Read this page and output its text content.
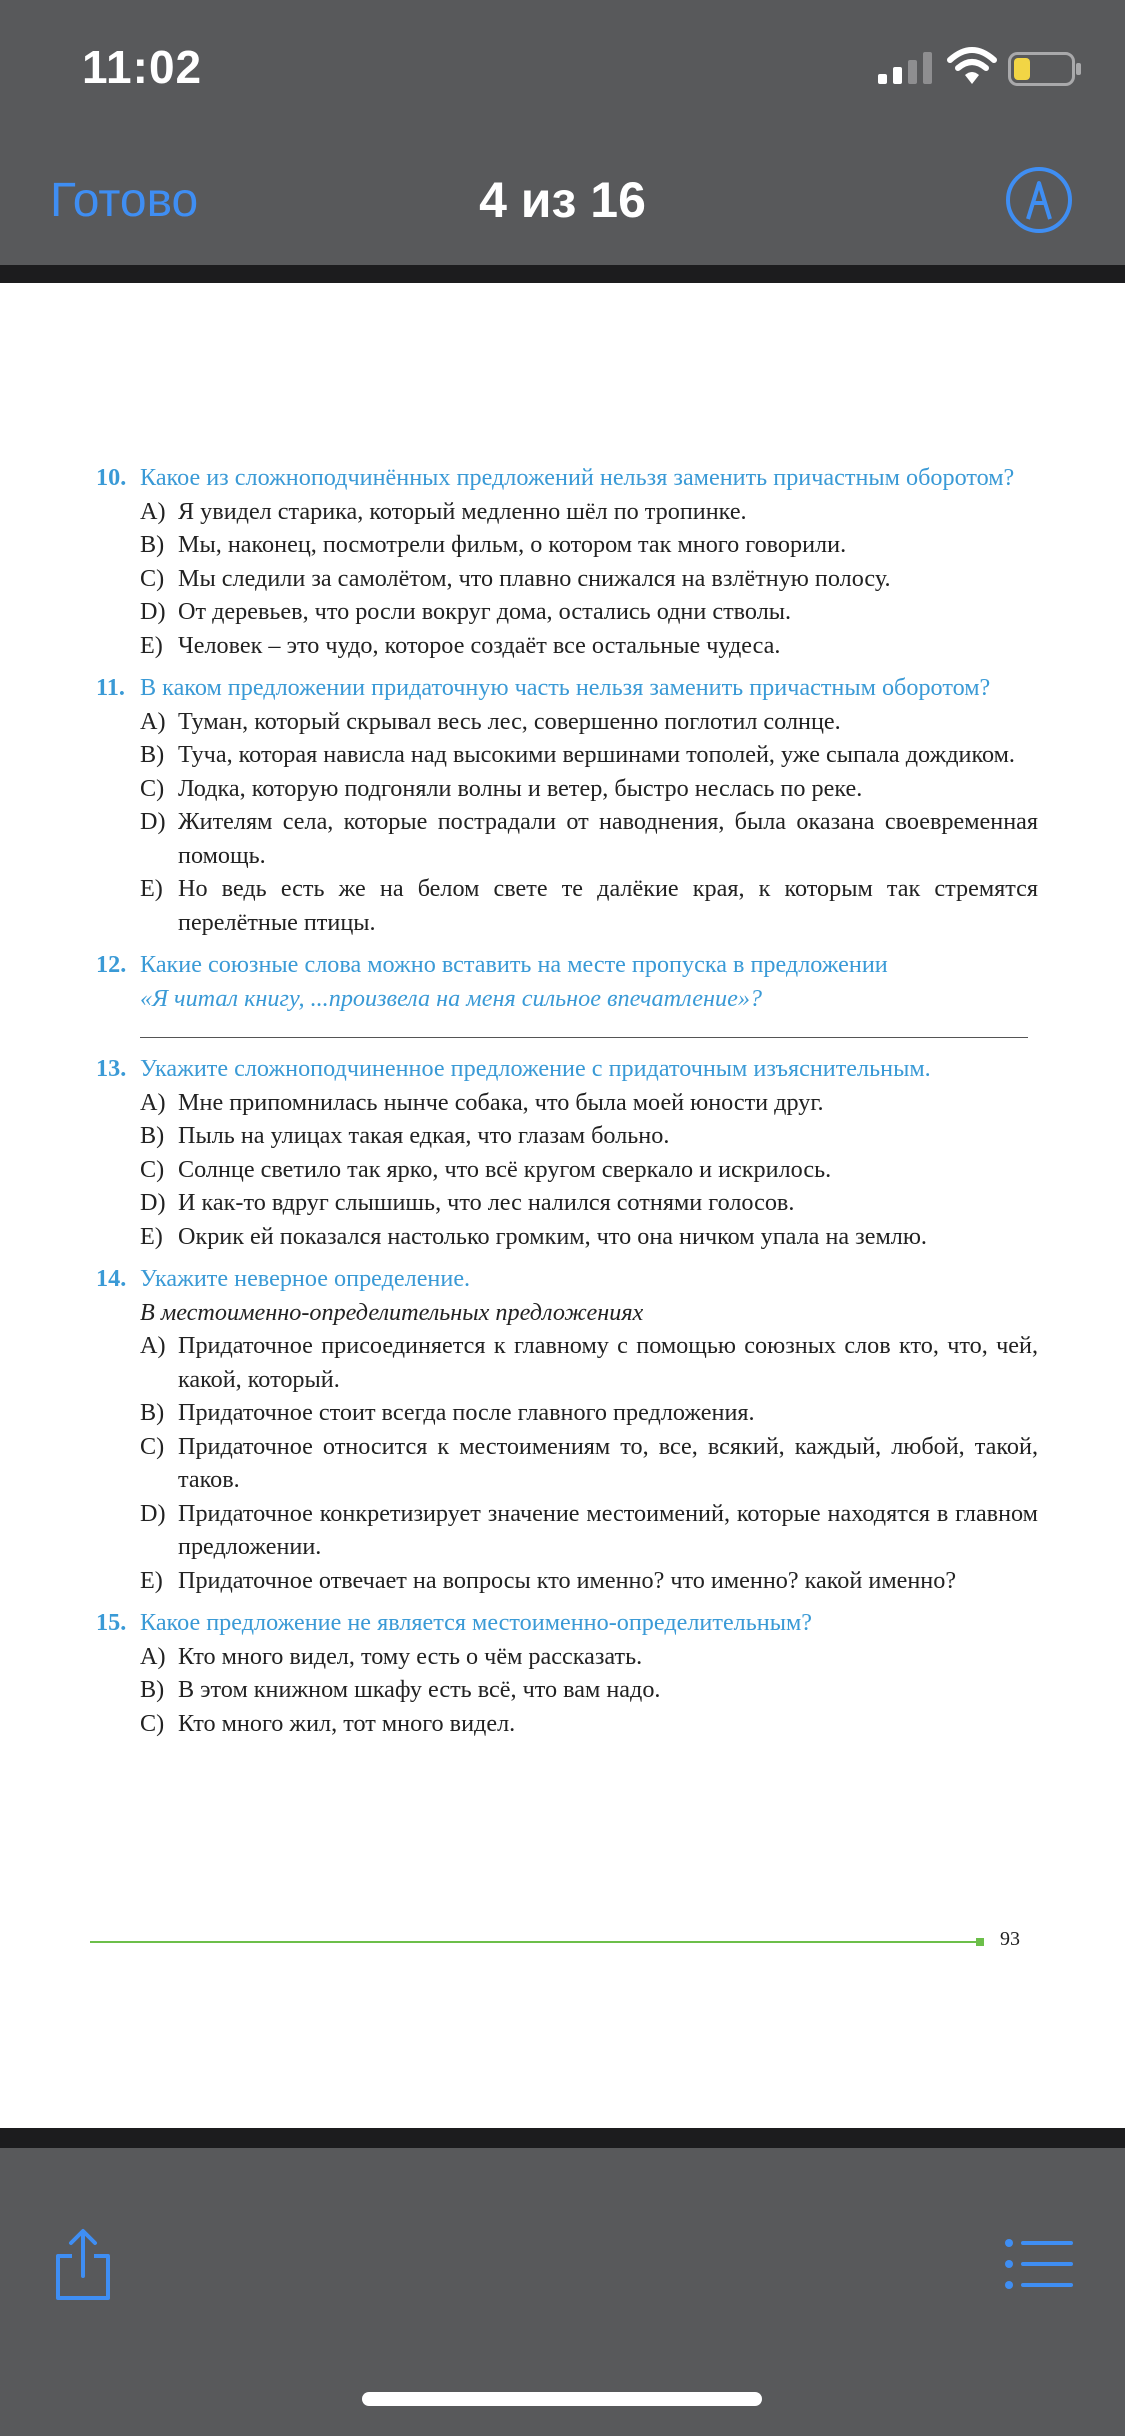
11:02
Готово	4 из 16
10. Какое из сложноподчинённых предложений нельзя заменить причастным оборотом?
A) Я увидел старика, который медленно шёл по тропинке.
B) Мы, наконец, посмотрели фильм, о котором так много говорили.
C) Мы следили за самолётом, что плавно снижался на взлётную полосу.
D) От деревьев, что росли вокруг дома, остались одни стволы.
E) Человек – это чудо, которое создаёт все остальные чудеса.
11. В каком предложении придаточную часть нельзя заменить причастным оборотом?
A) Туман, который скрывал весь лес, совершенно поглотил солнце.
B) Туча, которая нависла над высокими вершинами тополей, уже сыпала дождиком.
C) Лодка, которую подгоняли волны и ветер, быстро неслась по реке.
D) Жителям села, которые пострадали от наводнения, была оказана своевременная помощь.
E) Но ведь есть же на белом свете те далёкие края, к которым так стремятся перелётные птицы.
12. Какие союзные слова можно вставить на месте пропуска в предложении
«Я читал книгу, ...произвела на меня сильное впечатление»?
13. Укажите сложноподчиненное предложение с придаточным изъяснительным.
A) Мне припомнилась нынче собака, что была моей юности друг.
B) Пыль на улицах такая едкая, что глазам больно.
C) Солнце светило так ярко, что всё кругом сверкало и искрилось.
D) И как-то вдруг слышишь, что лес налился сотнями голосов.
E) Окрик ей показался настолько громким, что она ничком упала на землю.
14. Укажите неверное определение.
В местоименно-определительных предложениях
A) Придаточное присоединяется к главному с помощью союзных слов кто, что, чей, какой, который.
B) Придаточное стоит всегда после главного предложения.
C) Придаточное относится к местоимениям то, все, всякий, каждый, любой, такой, таков.
D) Придаточное конкретизирует значение местоимений, которые находятся в главном предложении.
E) Придаточное отвечает на вопросы кто именно? что именно? какой именно?
15. Какое предложение не является местоименно-определительным?
A) Кто много видел, тому есть о чём рассказать.
B) В этом книжном шкафу есть всё, что вам надо.
C) Кто много жил, тот много видел.
93
